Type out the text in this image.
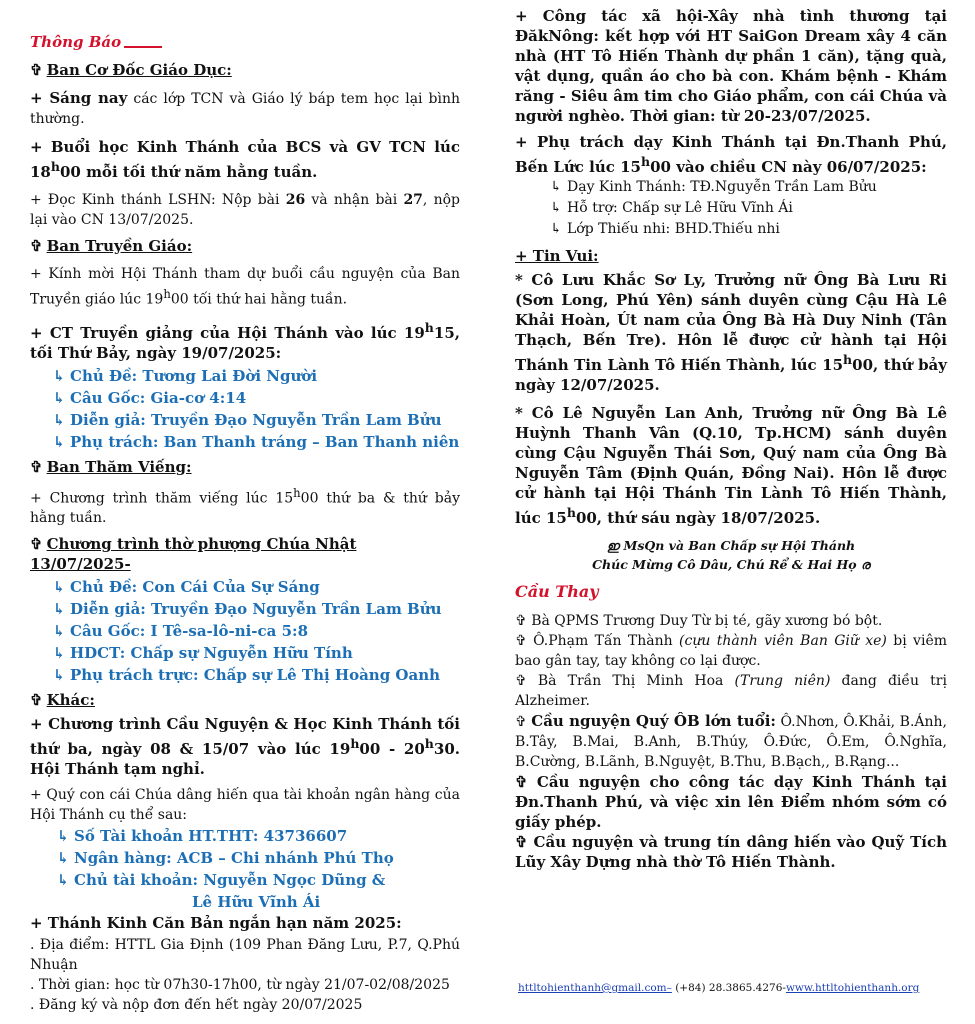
Thông Báo
✞ Ban Cơ Đốc Giáo Dục:

+ Sáng nay các lớp TCN và Giáo lý báp tem học lại bình thường.

+ Buổi học Kinh Thánh của BCS và GV TCN lúc 18$^h$00 mỗi tối thứ năm hằng tuần.

+ Đọc Kinh thánh LSHN: Nộp bài 26 và nhận bài 27, nộp lại vào CN 13/07/2025.

✞ Ban Truyền Giáo:

+ Kính mời Hội Thánh tham dự buổi cầu nguyện của Ban Truyền giáo lúc 19$^h$00 tối thứ hai hằng tuần.

+ CT Truyền giảng của Hội Thánh vào lúc 19$^h$15, tối Thứ Bảy, ngày 19/07/2025:

↳ Chủ Đề: Tương Lai Đời Người
↳ Câu Gốc: Gia-cơ 4:14
↳ Diễn giả: Truyền Đạo Nguyễn Trần Lam Bửu
↳ Phụ trách: Ban Thanh tráng – Ban Thanh niên
✞ Ban Thăm Viếng:

+ Chương trình thăm viếng lúc 15$^h$00 thứ ba & thứ bảy hằng tuần.

✞ Chương trình thờ phượng Chúa Nhật 13/07/2025-
↳ Chủ Đề: Con Cái Của Sự Sáng
↳ Diễn giả: Truyền Đạo Nguyễn Trần Lam Bửu
↳ Câu Gốc: I Tê-sa-lô-ni-ca 5:8
↳ HDCT: Chấp sự Nguyễn Hữu Tính
↳ Phụ trách trực: Chấp sự Lê Thị Hoàng Oanh
✞ Khác:

+ Chương trình Cầu Nguyện & Học Kinh Thánh tối thứ ba, ngày 08 & 15/07 vào lúc 19$^h$00 - 20$^h$30. Hội Thánh tạm nghỉ.

+ Quý con cái Chúa dâng hiến qua tài khoản ngân hàng của Hội Thánh cụ thể sau:

↳ Số Tài khoản HT.THT: 43736607
↳ Ngân hàng: ACB – Chi nhánh Phú Thọ
↳ Chủ tài khoản: Nguyễn Ngọc Dũng &
Lê Hữu Vĩnh Ái

+ Thánh Kinh Căn Bản ngắn hạn năm 2025:

. Địa điểm: HTTL Gia Định (109 Phan Đăng Lưu, P.7, Q.Phú Nhuận

. Thời gian: học từ 07h30-17h00, từ ngày 21/07-02/08/2025

. Đăng ký và nộp đơn đến hết ngày 20/07/2025

+ Công tác xã hội-Xây nhà tình thương tại ĐăkNông: kết hợp với HT SaiGon Dream xây 4 căn nhà (HT Tô Hiến Thành dự phần 1 căn), tặng quà, vật dụng, quần áo cho bà con. Khám bệnh - Khám răng - Siêu âm tim cho Giáo phẩm, con cái Chúa và người nghèo. Thời gian: từ 20-23/07/2025.

+ Phụ trách dạy Kinh Thánh tại Đn.Thanh Phú, Bến Lức lúc 15$^h$00 vào chiều CN này 06/07/2025:

↳ Dạy Kinh Thánh: TĐ.Nguyễn Trần Lam Bửu
↳ Hỗ trợ: Chấp sự Lê Hữu Vĩnh Ái
↳ Lớp Thiếu nhi: BHD.Thiếu nhi
+ Tin Vui:

* Cô Lưu Khắc Sơ Ly, Trưởng nữ Ông Bà Lưu Ri (Sơn Long, Phú Yên) sánh duyên cùng Cậu Hà Lê Khải Hoàn, Út nam của Ông Bà Hà Duy Ninh (Tân Thạch, Bến Tre). Hôn lễ được cử hành tại Hội Thánh Tin Lành Tô Hiến Thành, lúc 15$^h$00, thứ bảy ngày 12/07/2025.

* Cô Lê Nguyễn Lan Anh, Trưởng nữ Ông Bà Lê Huỳnh Thanh Vân (Q.10, Tp.HCM) sánh duyên cùng Cậu Nguyễn Thái Sơn, Quý nam của Ông Bà Nguyễn Tâm (Định Quán, Đồng Nai). Hôn lễ được cử hành tại Hội Thánh Tin Lành Tô Hiến Thành, lúc 15$^h$00, thứ sáu ngày 18/07/2025.

ഇ MsQn và Ban Chấp sự Hội Thánh
Chúc Mừng Cô Dâu, Chú Rể & Hai Họ ര
Cầu Thay

✞ Bà QPMS Trương Duy Từ bị té, gãy xương bó bột.

✞ Ô.Phạm Tấn Thành (cựu thành viên Ban Giữ xe) bị viêm bao gân tay, tay không co lại được.

✞ Bà Trần Thị Minh Hoa (Trung niên) đang điều trị Alzheimer.

✞ Cầu nguyện Quý ÔB lớn tuổi: Ô.Nhơn, Ô.Khải, B.Ánh, B.Tây, B.Mai, B.Anh, B.Thúy, Ô.Đức, Ô.Em, Ô.Nghĩa, B.Cường, B.Lãnh, B.Nguyệt, B.Thu, B.Bạch,, B.Rạng...

✞ Cầu nguyện cho công tác dạy Kinh Thánh tại Đn.Thanh Phú, và việc xin lên Điểm nhóm sớm có giấy phép.

✞ Cầu nguyện và trung tín dâng hiến vào Quỹ Tích Lũy Xây Dựng nhà thờ Tô Hiến Thành.

httltohienthanh@gmail.com– (+84) 28.3865.4276-www.httltohienthanh.org
